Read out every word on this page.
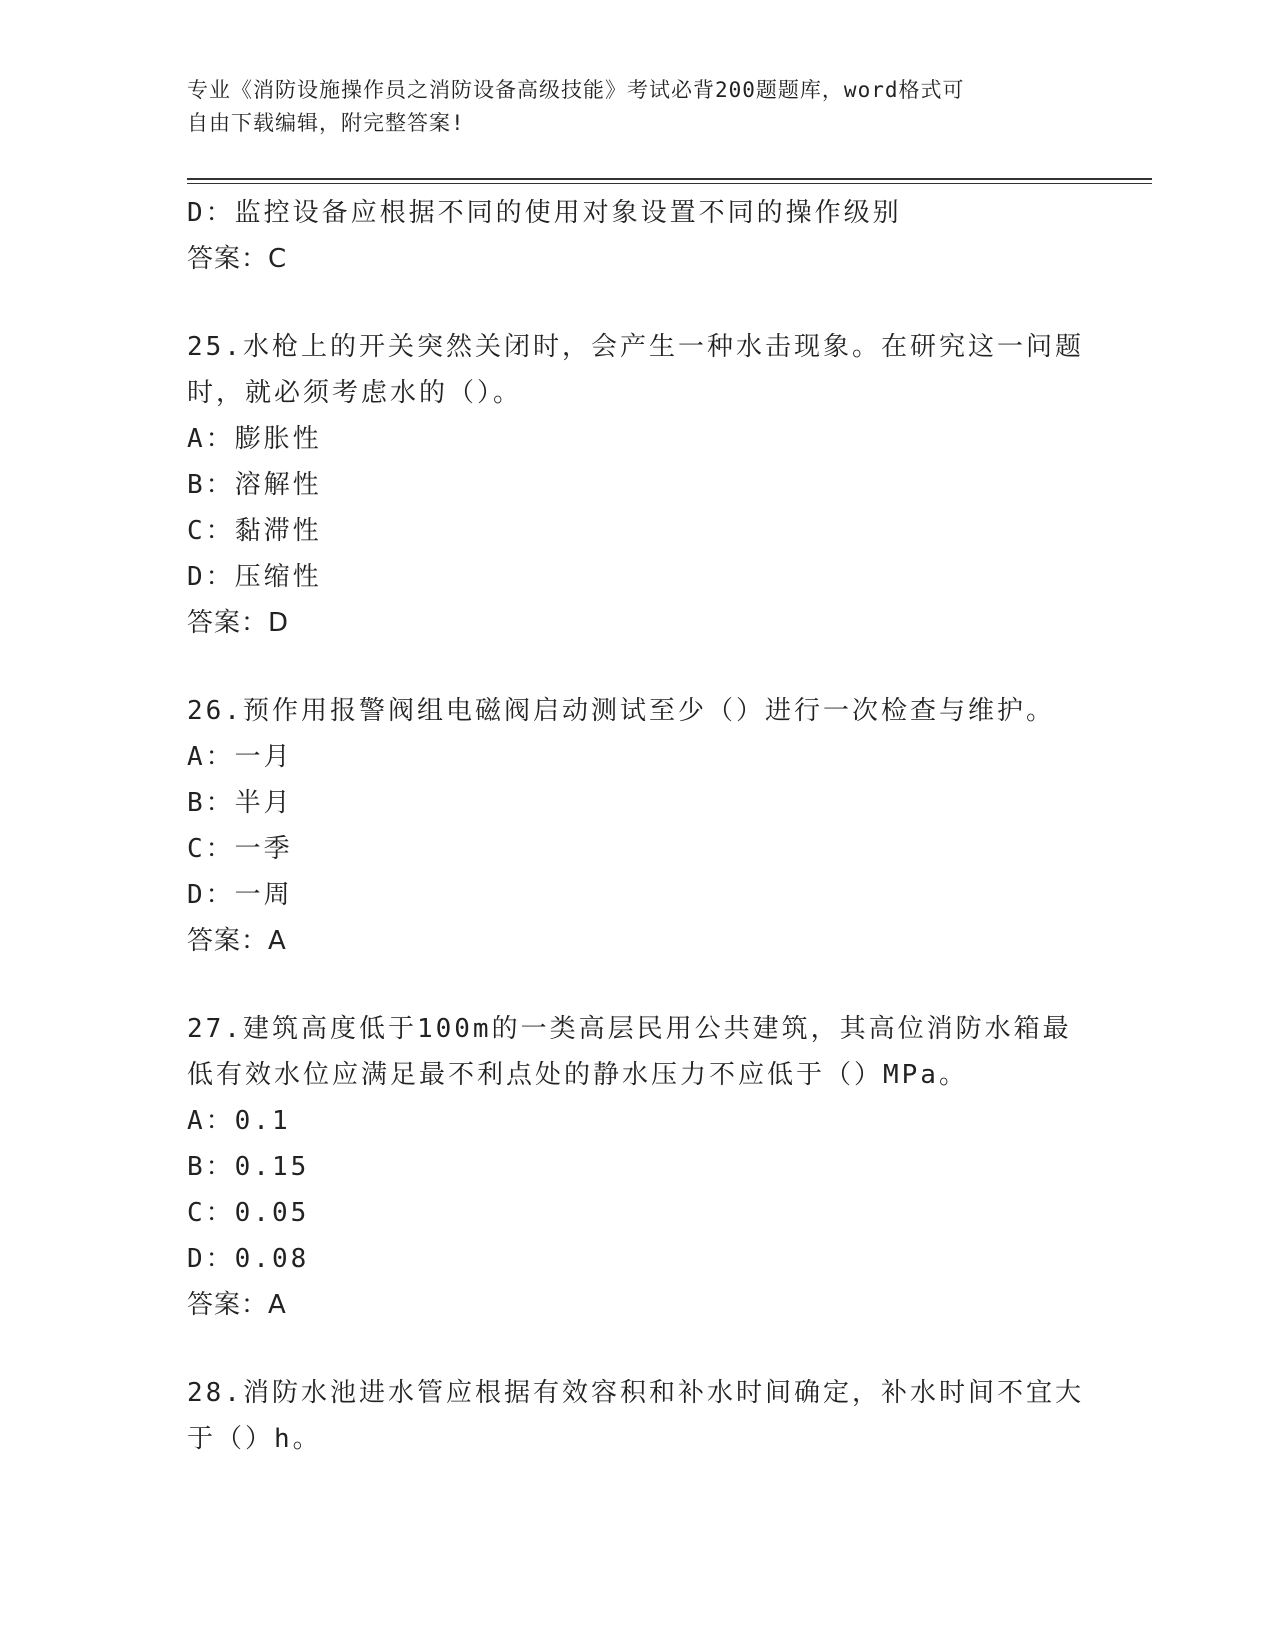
专业《消防设施操作员之消防设备高级技能》考试必背200题题库，word格式可
自由下载编辑，附完整答案!
D：监控设备应根据不同的使用对象设置不同的操作级别
答案：C
25.水枪上的开关突然关闭时，会产生一种水击现象。在研究这一问题
时，就必须考虑水的（）。
A：膨胀性
B：溶解性
C：黏滞性
D：压缩性
答案：D
26.预作用报警阀组电磁阀启动测试至少（）进行一次检查与维护。
A：一月
B：半月
C：一季
D：一周
答案：A
27.建筑高度低于100m的一类高层民用公共建筑，其高位消防水箱最
低有效水位应满足最不利点处的静水压力不应低于（）MPa。
A：0.1
B：0.15
C：0.05
D：0.08
答案：A
28.消防水池进水管应根据有效容积和补水时间确定，补水时间不宜大
于（）h。
